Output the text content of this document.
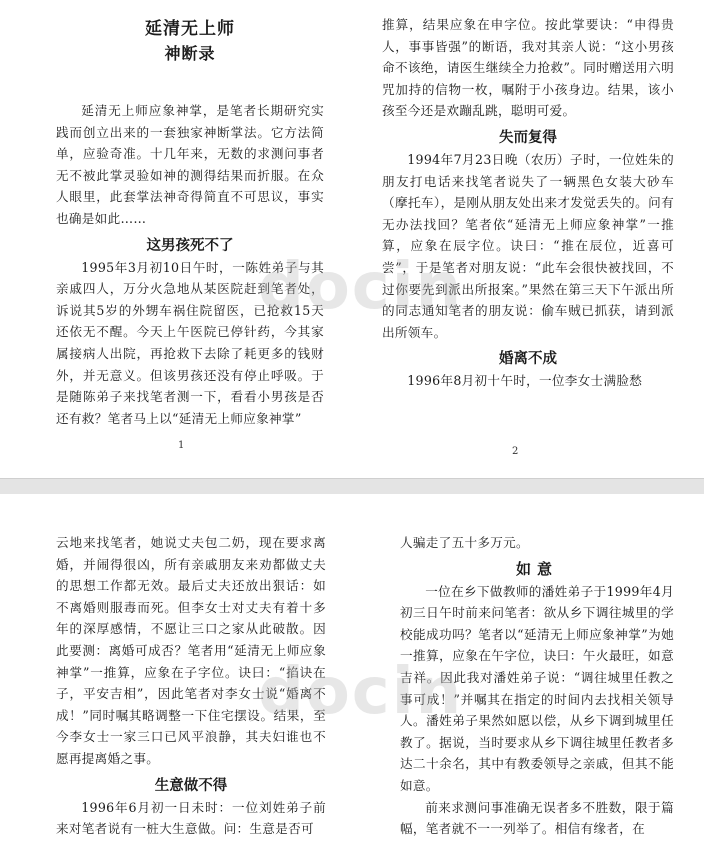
延清无上师
神断录

延清无上师应象神掌，是笔者长期研究实践而创立出来的一套独家神断掌法。它方法简单，应验奇准。十几年来，无数的求测问事者无不被此掌灵验如神的测得结果而折服。在众人眼里，此套掌法神奇得简直不可思议，事实也确是如此……

这男孩死不了

1995年3月初10日午时，一陈姓弟子与其亲戚四人，万分火急地从某医院赶到笔者处，诉说其5岁的外甥车祸住院留医，已抢救15天还依无不醒。今天上午医院已停针药，今其家属接病人出院，再抢救下去除了耗更多的钱财外，并无意义。但该男孩还没有停止呼吸。于是随陈弟子来找笔者测一下，看看小男孩是否还有救？笔者马上以“延清无上师应象神掌”

1

推算，结果应象在申字位。按此掌要诀：“申得贵人，事事皆强”的断语，我对其亲人说：“这小男孩命不该绝，请医生继续全力抢救”。同时赠送用六明咒加持的信物一枚，嘱附于小孩身边。结果，该小孩至今还是欢蹦乱跳，聪明可爱。

失而复得

1994年7月23日晚（农历）子时，一位姓朱的朋友打电话来找笔者说失了一辆黑色女装大砂车（摩托车），是刚从朋友处出来才发觉丢失的。问有无办法找回？笔者依“延清无上师应象神掌”一推算，应象在辰字位。诀曰：“推在辰位，近喜可尝”，于是笔者对朋友说：“此车会很快被找回，不过你要先到派出所报案。”果然在第三天下午派出所的同志通知笔者的朋友说：偷车贼已抓获，请到派出所领车。

婚离不成

1996年8月初十午时，一位李女士满脸愁

2

云地来找笔者，她说丈夫包二奶，现在要求离婚，并闹得很凶，所有亲戚朋友来劝都做丈夫的思想工作都无效。最后丈夫还放出狠话：如不离婚则服毒而死。但李女士对丈夫有着十多年的深厚感情，不愿让三口之家从此破散。因此要测：离婚可成否？笔者用“延清无上师应象神掌”一推算，应象在子字位。诀曰：“掐诀在子，平安吉相”，因此笔者对李女士说“婚离不成！”同时嘱其略调整一下住宅摆设。结果，至今李女士一家三口已风平浪静，其夫妇谁也不愿再提离婚之事。

生意做不得

1996年6月初一日未时：一位刘姓弟子前来对笔者说有一桩大生意做。问：生意是否可

人骗走了五十多万元。

如意

一位在乡下做教师的潘姓弟子于1999年4月初三日午时前来问笔者：欲从乡下调往城里的学校能成功吗？笔者以“延清无上师应象神掌”为她一推算，应象在午字位，诀曰：午火最旺，如意吉祥。因此我对潘姓弟子说：“调往城里任教之事可成！”并嘱其在指定的时间内去找相关领导人。潘姓弟子果然如愿以偿，从乡下调到城里任教了。据说，当时要求从乡下调往城里任教者多达二十余名，其中有教委领导之亲戚，但其不能如意。

前来求测问事准确无误者多不胜数，限于篇幅，笔者就不一一列举了。相信有缘者，在

docin
docin
